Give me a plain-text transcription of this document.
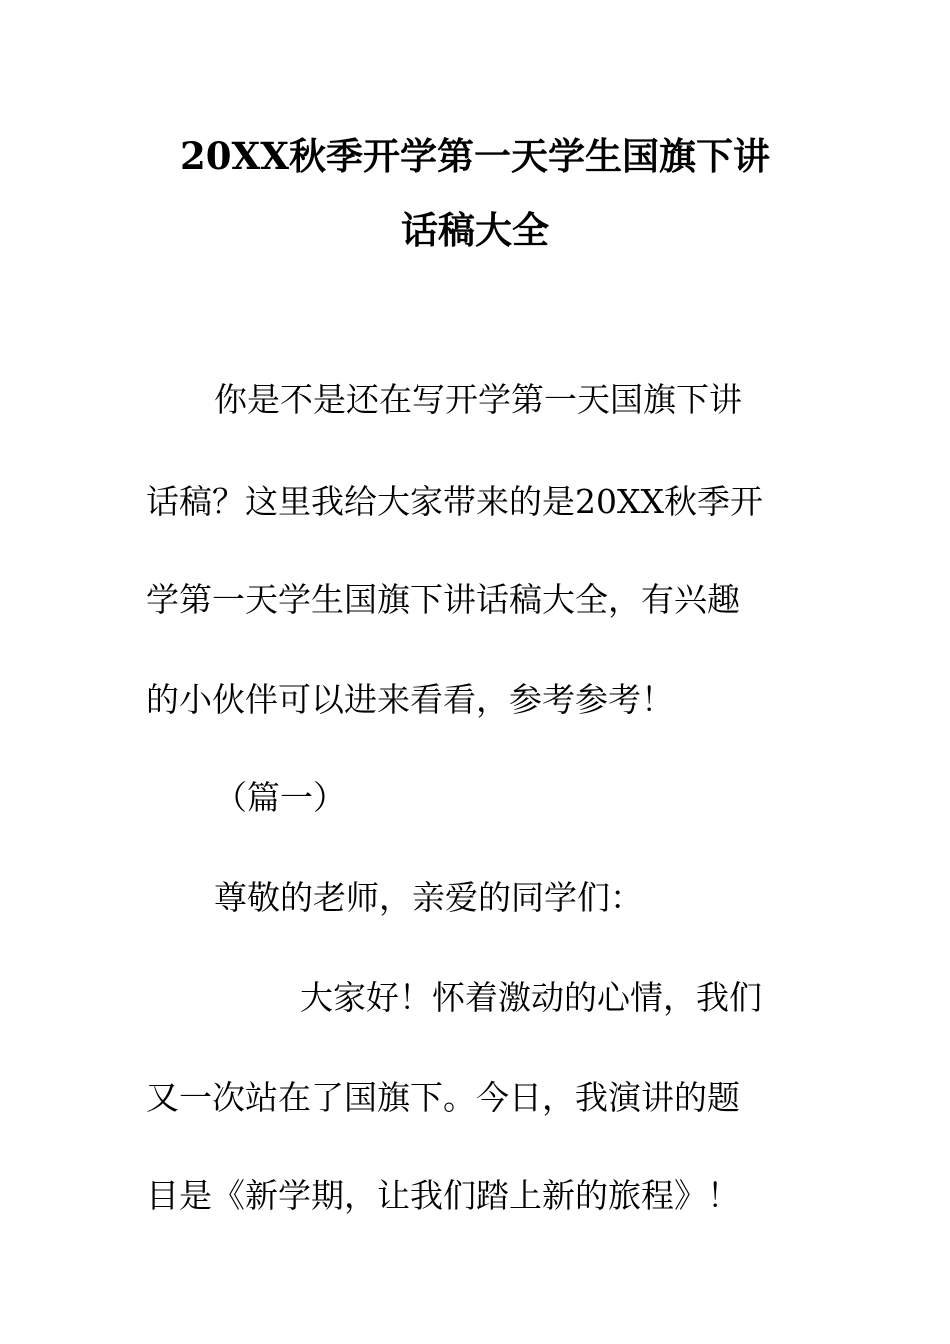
20XX秋季开学第一天学生国旗下讲
话稿大全
你是不是还在写开学第一天国旗下讲
话稿？这里我给大家带来的是20XX秋季开
学第一天学生国旗下讲话稿大全，有兴趣
的小伙伴可以进来看看，参考参考！
（篇一）
尊敬的老师，亲爱的同学们：
大家好！怀着激动的心情，我们
又一次站在了国旗下。今日，我演讲的题
目是《新学期，让我们踏上新的旅程》！
